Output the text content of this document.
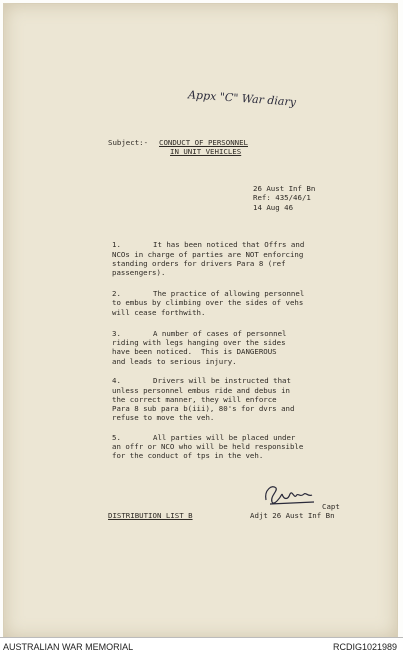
Appx "C" War diary
Subject:- CONDUCT OF PERSONNEL
IN UNIT VEHICLES
26 Aust Inf Bn
Ref: 435/46/1
14 Aug 46
1.	It has been noticed that Offrs and
NCOs in charge of parties are NOT enforcing
standing orders for drivers Para 8 (ref
passengers).
2.	The practice of allowing personnel
to embus by climbing over the sides of vehs
will cease forthwith.
3.	A number of cases of personnel
riding with legs hanging over the sides
have been noticed.  This is DANGEROUS
and leads to serious injury.
4.	Drivers will be instructed that
unless personnel embus ride and debus in
the correct manner, they will enforce
Para 8 sub para b(iii), 80's for dvrs and
refuse to move the veh.
5.	All parties will be placed under
an offr or NCO who will be held responsible
for the conduct of tps in the veh.
Capt
Adjt 26 Aust Inf Bn
DISTRIBUTION LIST B
AUSTRALIAN WAR MEMORIAL	RCDIG1021989
